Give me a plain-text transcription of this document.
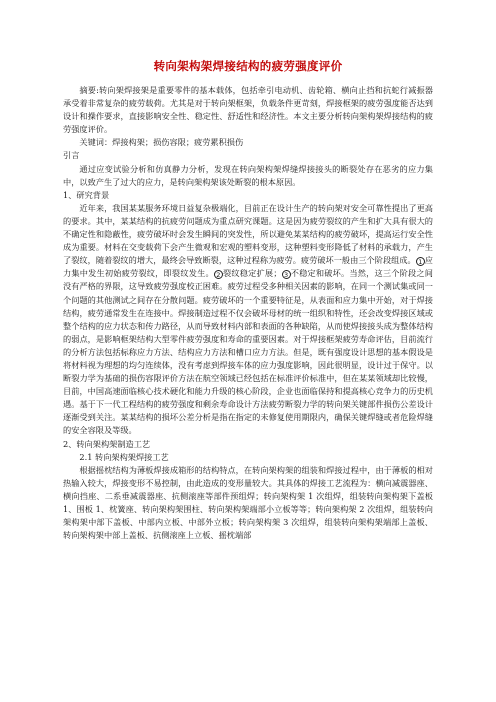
转向架构架焊接结构的疲劳强度评价

摘要:转向架焊接架是重要零件的基本载体，包括牵引电动机、齿轮箱、横向止挡和抗蛇行减振器承受着非常复杂的疲劳载荷。尤其是对于转向架框架，负载条件更苛刻，焊接框架的疲劳强度能否达到设计和操作要求，直接影响安全性、稳定性、舒适性和经济性。本文主要分析转向架构架焊接结构的疲劳强度评价。

关键词：焊接构架；损伤容限；疲劳累积损伤

引言

通过应变试验分析和仿真静力分析，发现在转向架构架焊缝焊接接头的断裂处存在恶劣的应力集中，以致产生了过大的应力，是转向架构架该处断裂的根本原因。

1、研究背景

近年来，我国某某服务环境日益复杂极端化，目前正在设计生产的转向架对安全可靠性提出了更高的要求。其中，某某结构的抗疲劳问题成为重点研究课题。这是因为疲劳裂纹的产生和扩大具有很大的不确定性和隐蔽性，疲劳破坏时会发生瞬间的突发性，所以避免某某结构的疲劳破坏，提高运行安全性成为重要。材料在交变载荷下会产生微观和宏观的塑料变形，这种塑料变形降低了材料的承载力，产生了裂纹，随着裂纹的增大，最终会导致断裂，这种过程称为疲劳。疲劳破坏一般由三个阶段组成。 1 应力集中发生初始疲劳裂纹，即裂纹发生。 2 裂纹稳定扩展； 3 不稳定和破坏。当然，这三个阶段之间没有严格的界限，这导致疲劳强度校正困难。疲劳过程受多种相关因素的影响，在同一个测试集或同一个问题的其他测试之间存在分散问题。疲劳破坏的一个重要特征是，从表面和应力集中开始，对于焊接结构，疲劳通常发生在连接中。焊接制造过程不仅会破坏母材的统一组织和特性，还会改变焊接区域或整个结构的应力状态和传力路径，从而导致材料内部和表面的各种缺陷，从而使焊接接头成为整体结构的弱点，是影响框架结构大型零件疲劳强度和寿命的重要因素。对于焊接框架疲劳寿命评估，目前流行的分析方法包括标称应力方法、结构应力方法和槽口应力方法。但是，既有强度设计思想的基本假设是将材料视为理想的均匀连续体，没有考虑到焊接车体的应力强度影响，因此很明显，设计过于保守。以断裂力学为基础的损伤容限评价方法在航空领域已经包括在标准评价标准中，但在某某领域却比较慢，目前，中国高速面临核心技术硬化和能力升级的核心阶段，企业也面临保持和提高核心竞争力的历史机遇。基于下一代工程结构的疲劳强度和剩余寿命设计方法疲劳断裂力学的转向架关键部件损伤公差设计逐渐受到关注。某某结构的损坏公差分析是指在指定的未修复使用期限内，确保关键焊缝或者危险焊缝的安全容限及等级。

2、转向架构架制造工艺

2.1 转向架构架焊接工艺

根据摇枕结构为薄板焊接成箱形的结构特点，在转向架构架的组装和焊接过程中，由于薄板的相对热输入较大，焊接变形不易控制，由此造成的变形量较大。其具体的焊接工艺流程为：横向减震器座、横向挡座、二系垂减震器座、抗侧滚座等部件预组焊；转向架构架 1 次组焊，组装转向架构架下盖板 1、围板 1、枕簧座、转向架构架围柱、转向架构架端部小立板等等；转向架构架 2 次组焊，组装转向架构架中部下盖板、中部内立板、中部外立板；转向架构架 3 次组焊，组装转向架构架端部上盖板、转向架构架中部上盖板、抗侧滚座上立板、摇枕端部
